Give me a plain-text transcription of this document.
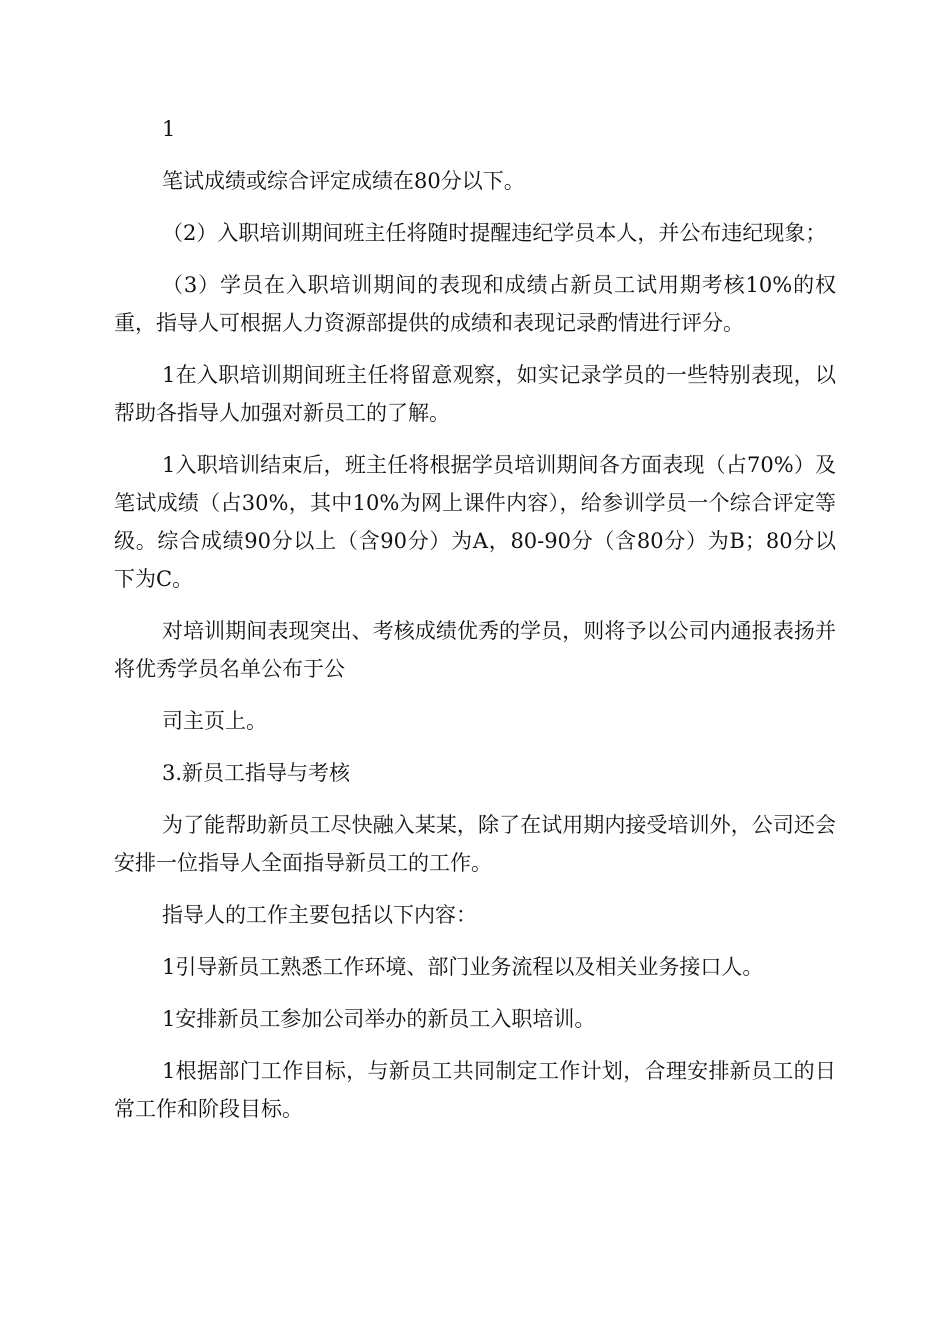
1

笔试成绩或综合评定成绩在80分以下。

（2）入职培训期间班主任将随时提醒违纪学员本人，并公布违纪现象；

（3）学员在入职培训期间的表现和成绩占新员工试用期考核10%的权重，指导人可根据人力资源部提供的成绩和表现记录酌情进行评分。

1在入职培训期间班主任将留意观察，如实记录学员的一些特别表现，以帮助各指导人加强对新员工的了解。

1入职培训结束后，班主任将根据学员培训期间各方面表现（占70%）及笔试成绩（占30%，其中10%为网上课件内容），给参训学员一个综合评定等级。综合成绩90分以上（含90分）为A，80-90分（含80分）为B；80分以下为C。

对培训期间表现突出、考核成绩优秀的学员，则将予以公司内通报表扬并将优秀学员名单公布于公

司主页上。

3.新员工指导与考核

为了能帮助新员工尽快融入某某，除了在试用期内接受培训外，公司还会安排一位指导人全面指导新员工的工作。

指导人的工作主要包括以下内容：

1引导新员工熟悉工作环境、部门业务流程以及相关业务接口人。

1安排新员工参加公司举办的新员工入职培训。

1根据部门工作目标，与新员工共同制定工作计划，合理安排新员工的日常工作和阶段目标。
